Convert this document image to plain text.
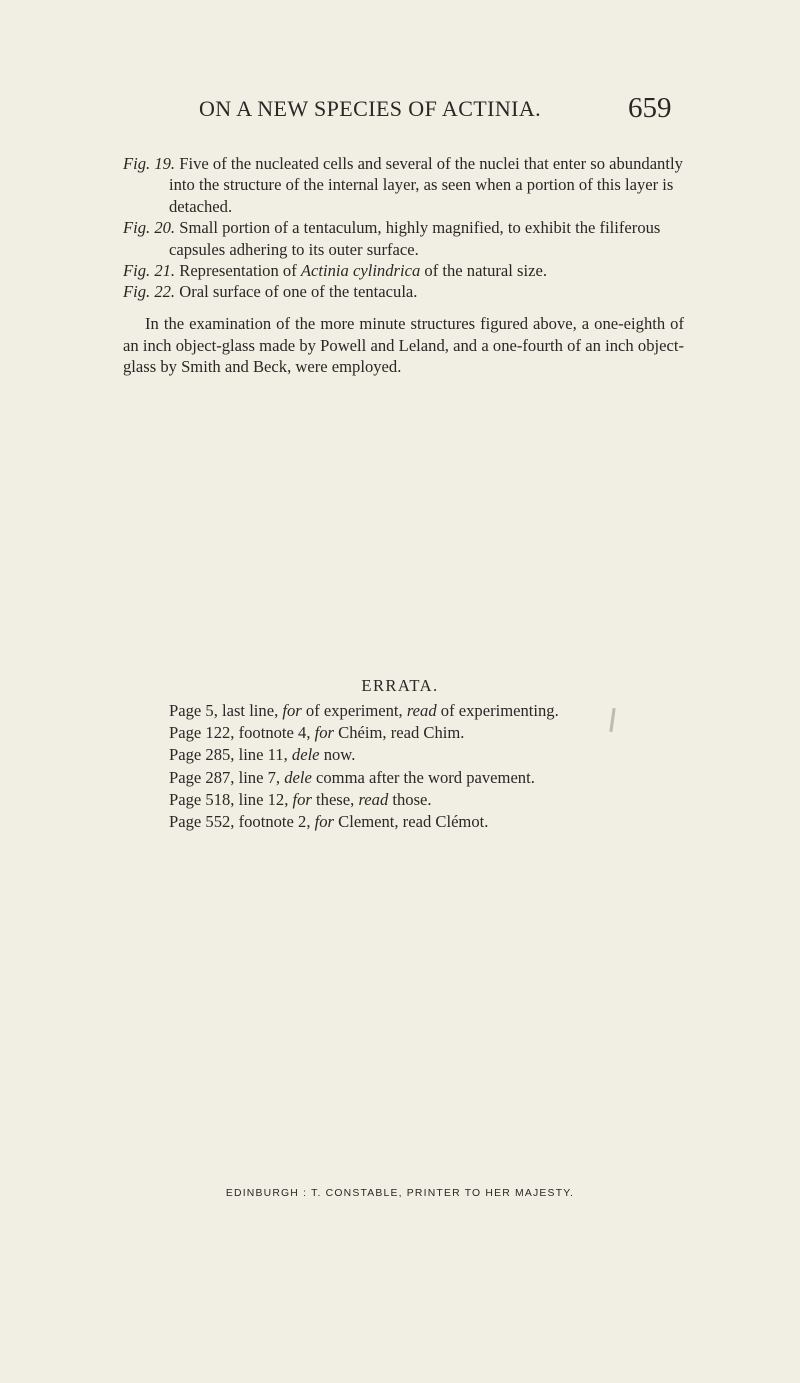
ON A NEW SPECIES OF ACTINIA.	659

Fig. 19. Five of the nucleated cells and several of the nuclei that enter so abundantly into the structure of the internal layer, as seen when a portion of this layer is detached.

Fig. 20. Small portion of a tentaculum, highly magnified, to exhibit the filiferous capsules adhering to its outer surface.

Fig. 21. Representation of Actinia cylindrica of the natural size.

Fig. 22. Oral surface of one of the tentacula.

In the examination of the more minute structures figured above, a one-eighth of an inch object-glass made by Powell and Leland, and a one-fourth of an inch object-glass by Smith and Beck, were employed.

ERRATA.
Page 5, last line, for of experiment, read of experimenting.
Page 122, footnote 4, for Chéim, read Chim.
Page 285, line 11, dele now.
Page 287, line 7, dele comma after the word pavement.
Page 518, line 12, for these, read those.
Page 552, footnote 2, for Clement, read Clémot.
EDINBURGH : T. CONSTABLE, PRINTER TO HER MAJESTY.
